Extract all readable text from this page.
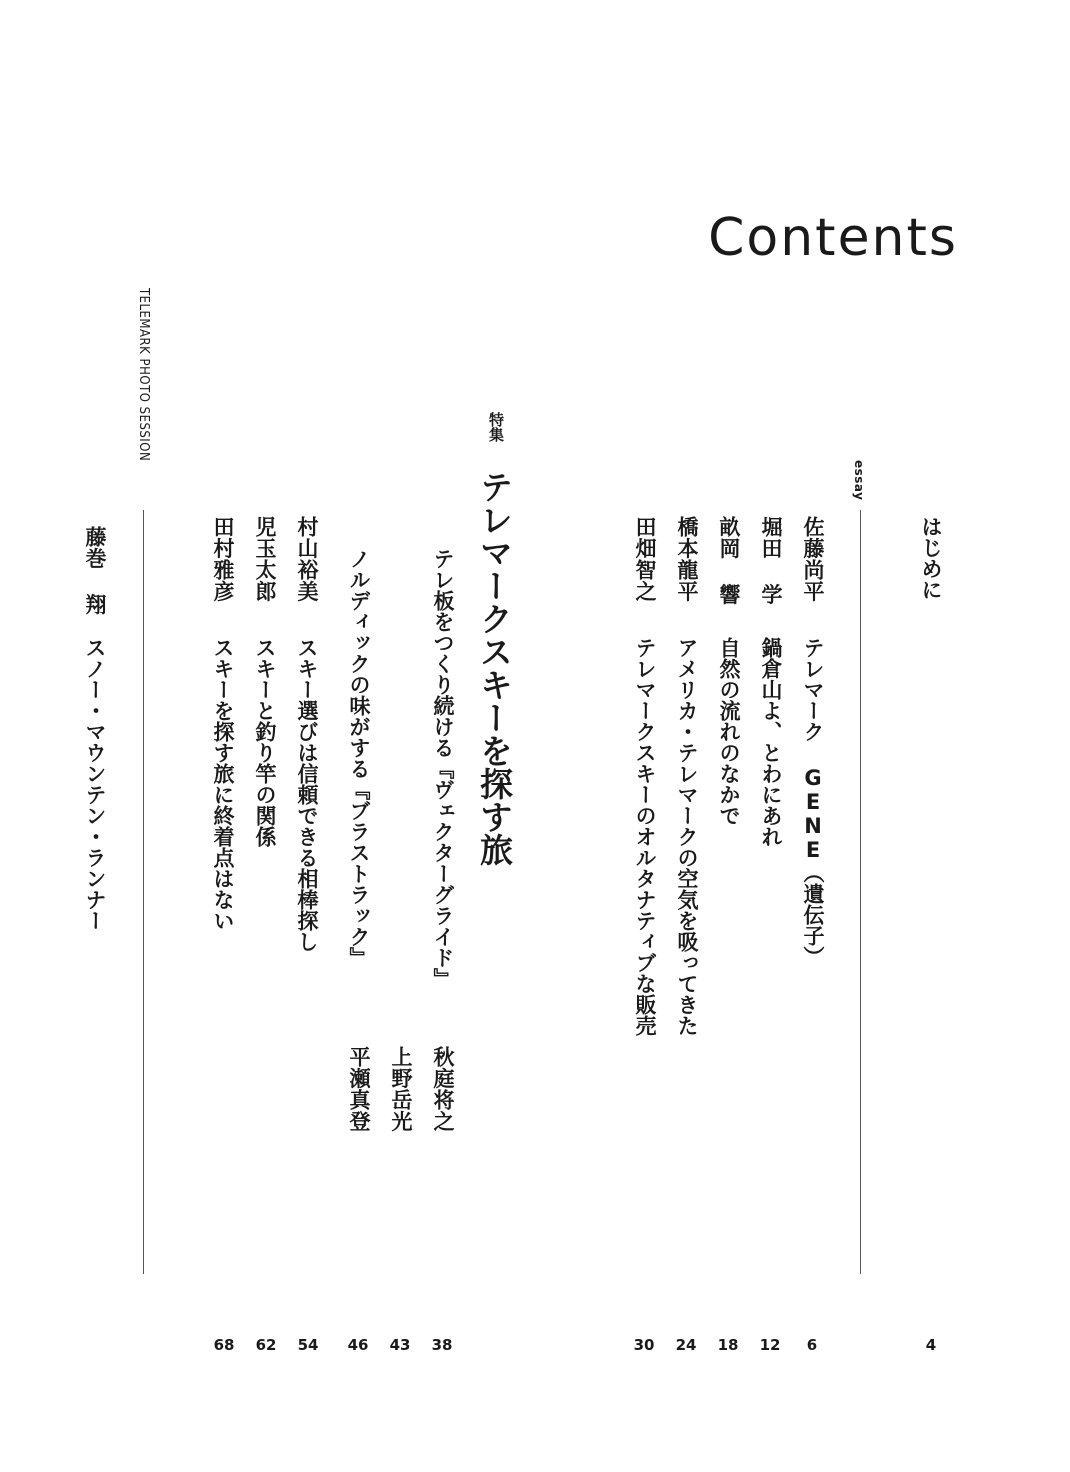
Contents
はじめに
4
essay
佐藤尚平
テレマーク GENE（遺伝子）
6
堀田 学
鍋倉山よ、とわにあれ
12
畝岡 響
自然の流れのなかで
18
橋本龍平
アメリカ・テレマークの空気を吸ってきた
24
田畑智之
テレマークスキーのオルタナティブな販売
30
特集
テレマークスキーを探す旅
テレ板をつくり続ける『ヴェクターグライド』
秋庭将之
38
上野岳光
43
ノルディックの味がする『ブラストラック』
平瀬真登
46
村山裕美
スキー選びは信頼できる相棒探し
54
児玉太郎
スキーと釣り竿の関係
62
田村雅彦
スキーを探す旅に終着点はない
68
TELEMARK PHOTO SESSION
藤巻 翔
スノー・マウンテン・ランナー
